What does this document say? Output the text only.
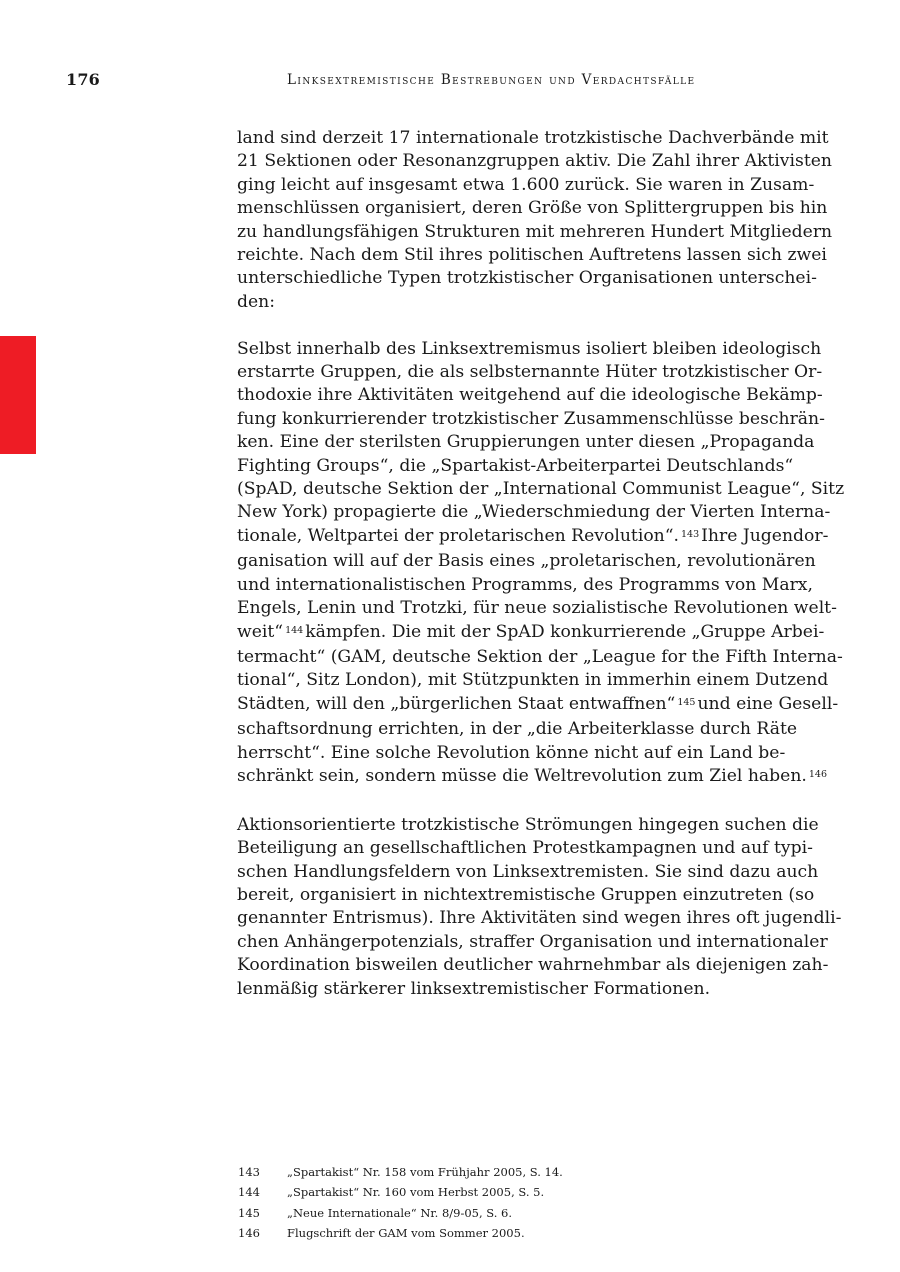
176	Linksextremistische Bestrebungen und Verdachtsfälle
land sind derzeit 17 internationale trotzkistische Dachverbände mit
21 Sektionen oder Resonanzgruppen aktiv. Die Zahl ihrer Aktivisten
ging leicht auf insgesamt etwa 1.600 zurück. Sie waren in Zusam-
menschlüssen organisiert, deren Größe von Splittergruppen bis hin
zu handlungsfähigen Strukturen mit mehreren Hundert Mitgliedern
reichte. Nach dem Stil ihres politischen Auftretens lassen sich zwei
unterschiedliche Typen trotzkistischer Organisationen unterschei-
den:
Selbst innerhalb des Linksextremismus isoliert bleiben ideologisch
erstarrte Gruppen, die als selbsternannte Hüter trotzkistischer Or-
thodoxie ihre Aktivitäten weitgehend auf die ideologische Bekämp-
fung konkurrierender trotzkistischer Zusammenschlüsse beschrän-
ken. Eine der sterilsten Gruppierungen unter diesen „Propaganda
Fighting Groups“, die „Spartakist-Arbeiterpartei Deutschlands“
(SpAD, deutsche Sektion der „International Communist League“, Sitz
New York) propagierte die „Wiederschmiedung der Vierten Interna-
tionale, Weltpartei der proletarischen Revolution“. $^{143}$ Ihre Jugendor-
ganisation will auf der Basis eines „proletarischen, revolutionären
und internationalistischen Programms, des Programms von Marx,
Engels, Lenin und Trotzki, für neue sozialistische Revolutionen welt-
weit“ $^{144}$ kämpfen. Die mit der SpAD konkurrierende „Gruppe Arbei-
termacht“ (GAM, deutsche Sektion der „League for the Fifth Interna-
tional“, Sitz London), mit Stützpunkten in immerhin einem Dutzend
Städten, will den „bürgerlichen Staat entwaffnen“ $^{145}$ und eine Gesell-
schaftsordnung errichten, in der „die Arbeiterklasse durch Räte
herrscht“. Eine solche Revolution könne nicht auf ein Land be-
schränkt sein, sondern müsse die Weltrevolution zum Ziel haben. $^{146}$
Aktionsorientierte trotzkistische Strömungen hingegen suchen die
Beteiligung an gesellschaftlichen Protestkampagnen und auf typi-
schen Handlungsfeldern von Linksextremisten. Sie sind dazu auch
bereit, organisiert in nichtextremistische Gruppen einzutreten (so
genannter Entrismus). Ihre Aktivitäten sind wegen ihres oft jugendli-
chen Anhängerpotenzials, straffer Organisation und internationaler
Koordination bisweilen deutlicher wahrnehmbar als diejenigen zah-
lenmäßig stärkerer linksextremistischer Formationen.
143	„Spartakist“ Nr. 158 vom Frühjahr 2005, S. 14.
144	„Spartakist“ Nr. 160 vom Herbst 2005, S. 5.
145	„Neue Internationale“ Nr. 8/9-05, S. 6.
146	Flugschrift der GAM vom Sommer 2005.
